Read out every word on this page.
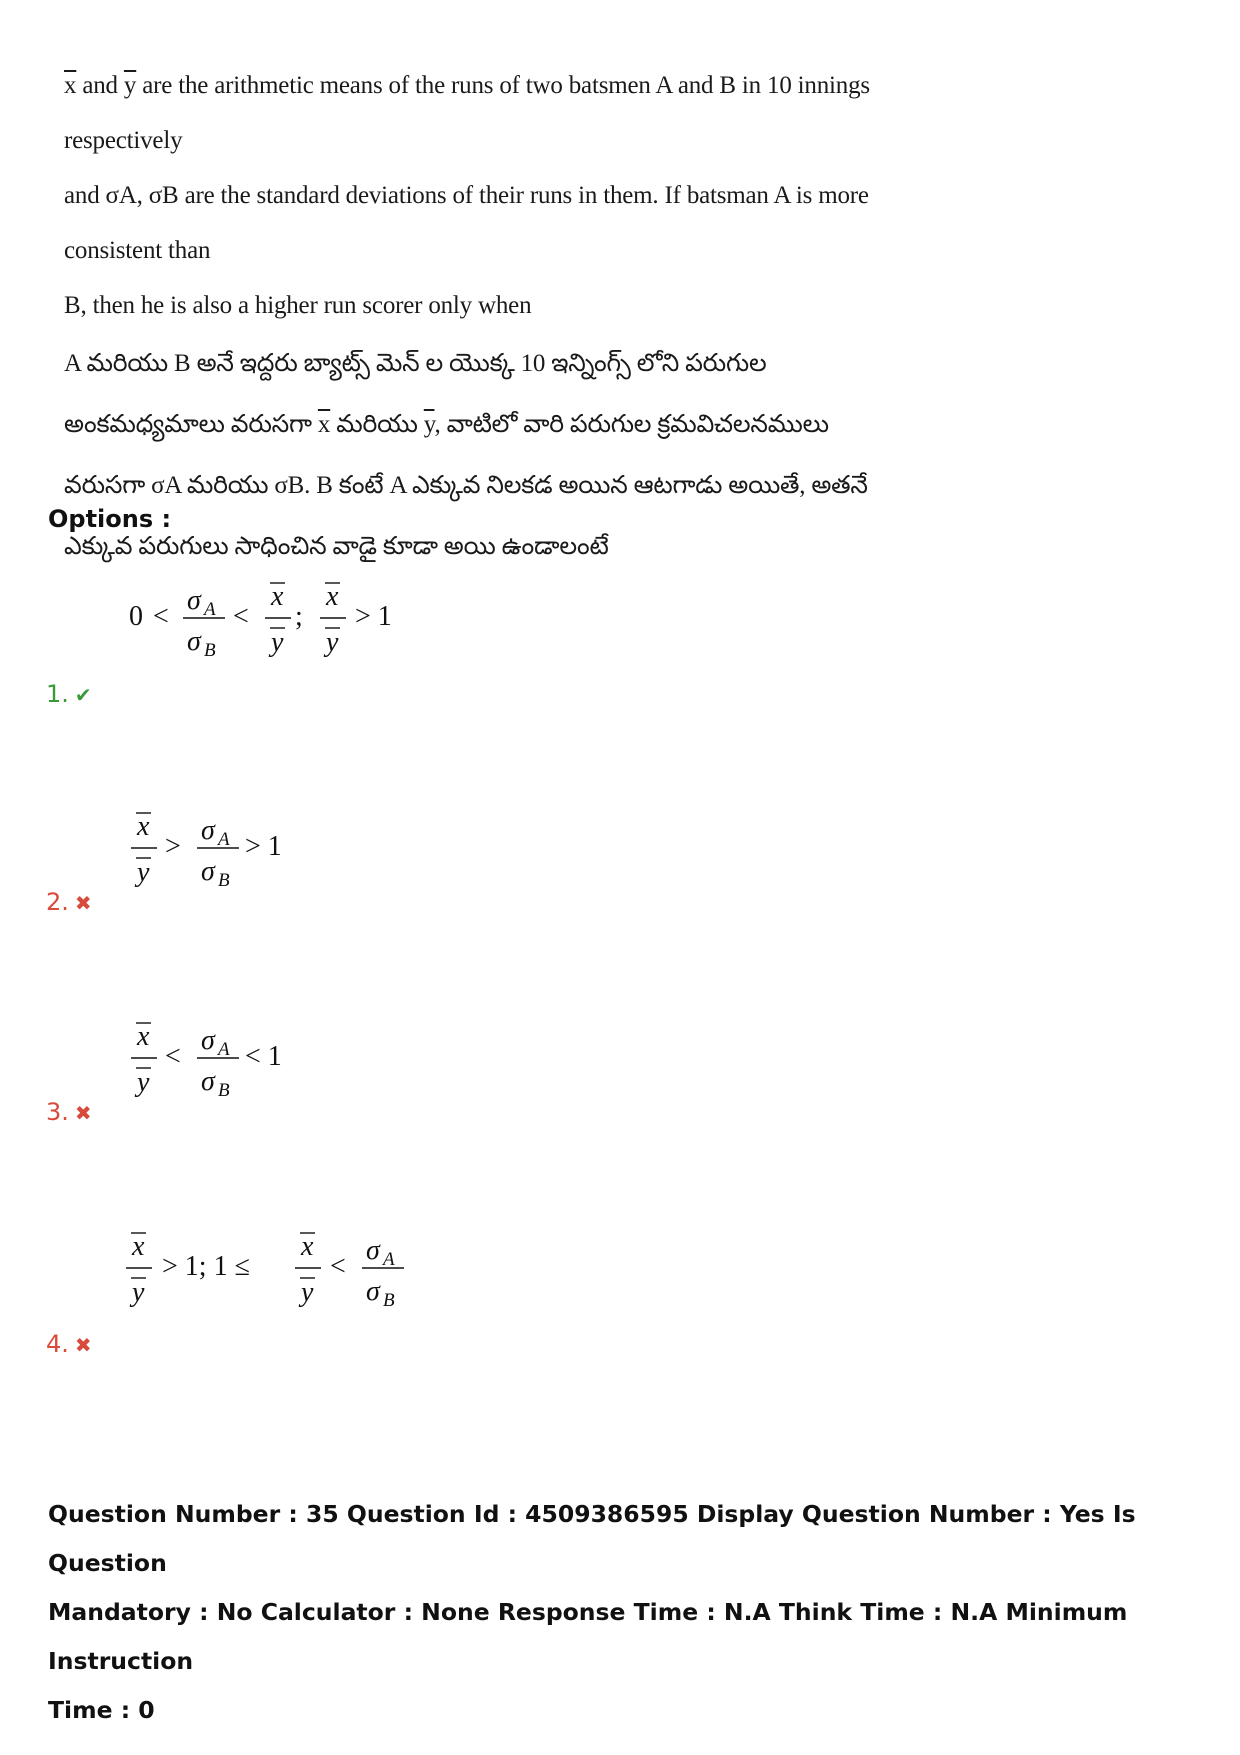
$\overline{x}$ and $\overline{y}$ are the arithmetic means of the runs of two batsmen A and B in 10 innings respectively
and σA, σB are the standard deviations of their runs in them. If batsman A is more consistent than
B, then he is also a higher run scorer only when
A మరియు B అనే ఇద్దరు బ్యాట్స్ మెన్ ల యొక్క 10 ఇన్నింగ్స్ లోని పరుగుల
అంకమధ్యమాలు వరుసగా $\overline{x}$ మరియు $\overline{y}$, వాటిలో వారి పరుగుల క్రమవిచలనములు
వరుసగా σA మరియు σB. B కంటే A ఎక్కువ నిలకడ అయిన ఆటగాడు అయితే, అతనే
ఎక్కువ పరుగులు సాధించిన వాడై కూడా అయి ఉండాలంటే
Options :
0 <
σ A
σ B
<
x
y
;
x
y
> 1
1. ✔
x
y
>
σ A
σ B
> 1
2. ✖
x
y
<
σ A
σ B
< 1
3. ✖
x
y
> 1; 1 ≤
x
y
<
σ A
σ B
4. ✖
Question Number : 35 Question Id : 4509386595 Display Question Number : Yes Is Question
Mandatory : No Calculator : None Response Time : N.A Think Time : N.A Minimum Instruction
Time : 0
